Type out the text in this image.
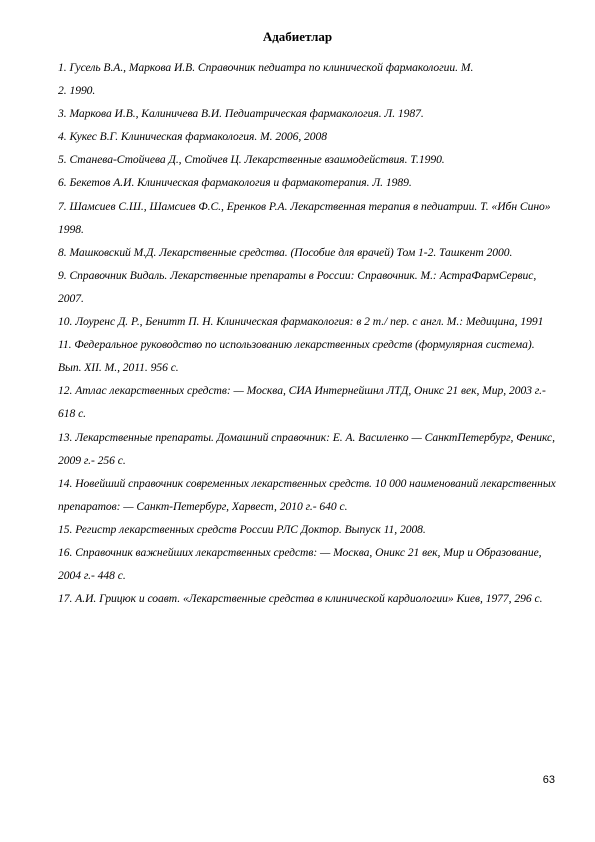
Адабиетлар
1. Гусель В.А., Маркова И.В. Справочник педиатра по клинической фармакологии. М.
2. 1990.
3. Маркова И.В., Калиничева В.И. Педиатрическая фармакология. Л. 1987.
4. Кукес В.Г. Клиническая фармакология. М. 2006, 2008
5. Станева-Стойчева Д., Стойчев Ц. Лекарственные взаимодействия. Т.1990.
6. Бекетов А.И. Клиническая фармакология и фармакотерапия. Л. 1989.
7. Шамсиев С.Ш., Шамсиев Ф.С., Еренков Р.А. Лекарственная терапия в педиатрии. Т. «Ибн Сино» 1998.
8. Машковский М.Д. Лекарственные средства. (Пособие для врачей) Том 1-2. Ташкент 2000.
9. Справочник Видаль. Лекарственные препараты в России: Справочник. М.: АстраФармСервис, 2007.
10. Лоуренс Д. Р., Бенитт П. Н. Клиническая фармакология: в 2 т./ пер. с англ. М.: Медицина, 1991
11. Федеральное руководство по использованию лекарственных средств (формулярная система). Вып. XII. М., 2011. 956 с.
12. Атлас лекарственных средств: — Москва, СИА Интернейшнл ЛТД, Оникс 21 век, Мир, 2003 г.- 618 с.
13. Лекарственные препараты. Домашний справочник: Е. А. Василенко — СанктПетербург, Феникс, 2009 г.- 256 с.
14. Новейший справочник современных лекарственных средств. 10 000 наименований лекарственных препаратов: — Санкт-Петербург, Харвест, 2010 г.- 640 с.
15. Регистр лекарственных средств России РЛС Доктор. Выпуск 11, 2008.
16. Справочник важнейших лекарственных средств: — Москва, Оникс 21 век, Мир и Образование, 2004 г.- 448 с.
17. А.И. Грицюк и соавт. «Лекарственные средства в клинической кардиологии» Киев, 1977, 296 с.
63
